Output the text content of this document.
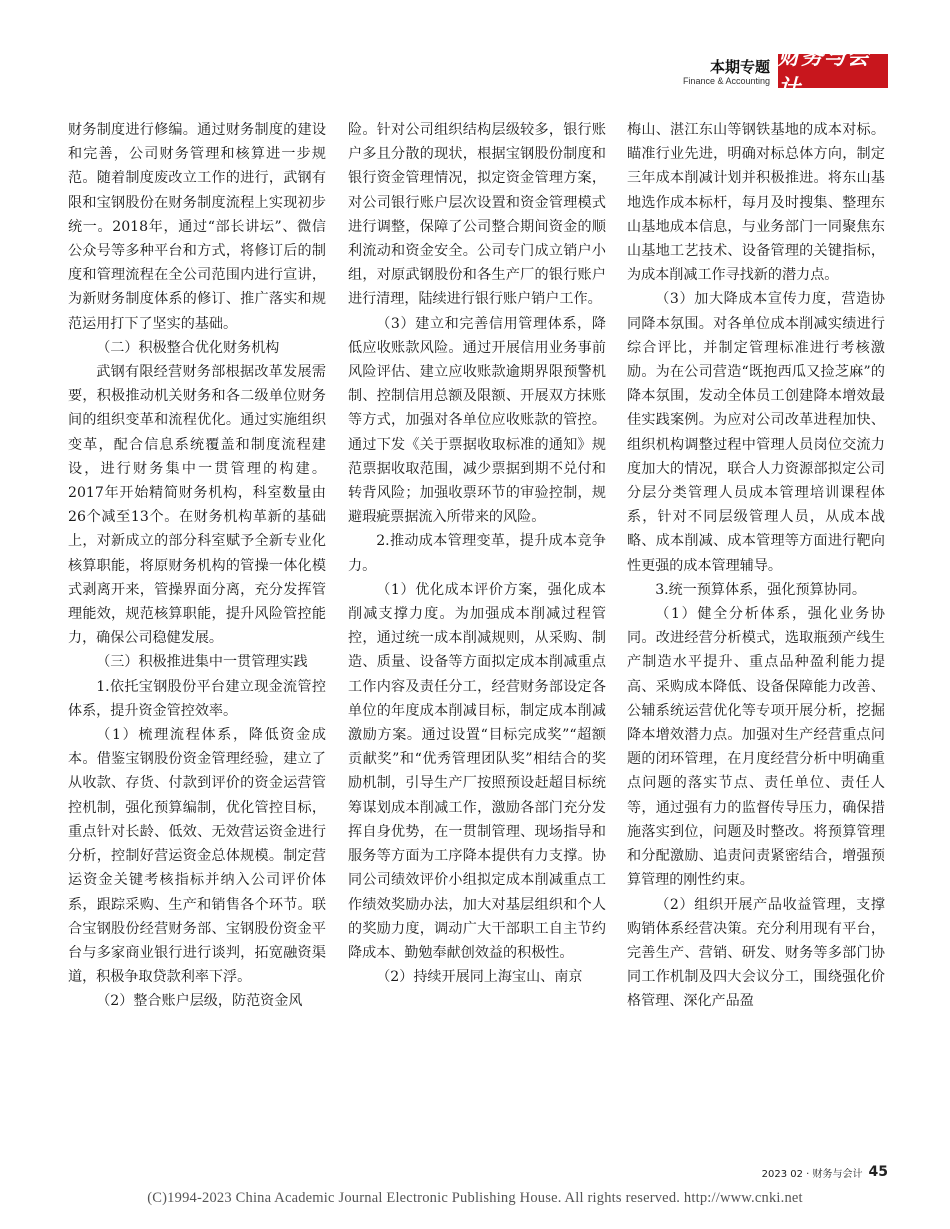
本期专题
Finance & Accounting
财务与会计

财务制度进行修编。通过财务制度的建设和完善，公司财务管理和核算进一步规范。随着制度废改立工作的进行，武钢有限和宝钢股份在财务制度流程上实现初步统一。2018年，通过“部长讲坛”、微信公众号等多种平台和方式，将修订后的制度和管理流程在全公司范围内进行宣讲，为新财务制度体系的修订、推广落实和规范运用打下了坚实的基础。

（二）积极整合优化财务机构

武钢有限经营财务部根据改革发展需要，积极推动机关财务和各二级单位财务间的组织变革和流程优化。通过实施组织变革，配合信息系统覆盖和制度流程建设，进行财务集中一贯管理的构建。2017年开始精简财务机构，科室数量由26个减至13个。在财务机构革新的基础上，对新成立的部分科室赋予全新专业化核算职能，将原财务机构的管操一体化模式剥离开来，管操界面分离，充分发挥管理能效，规范核算职能，提升风险管控能力，确保公司稳健发展。

（三）积极推进集中一贯管理实践

1.依托宝钢股份平台建立现金流管控体系，提升资金管控效率。

（1）梳理流程体系，降低资金成本。借鉴宝钢股份资金管理经验，建立了从收款、存货、付款到评价的资金运营管控机制，强化预算编制，优化管控目标，重点针对长龄、低效、无效营运资金进行分析，控制好营运资金总体规模。制定营运资金关键考核指标并纳入公司评价体系，跟踪采购、生产和销售各个环节。联合宝钢股份经营财务部、宝钢股份资金平台与多家商业银行进行谈判，拓宽融资渠道，积极争取贷款利率下浮。

（2）整合账户层级，防范资金风

险。针对公司组织结构层级较多，银行账户多且分散的现状，根据宝钢股份制度和银行资金管理情况，拟定资金管理方案，对公司银行账户层次设置和资金管理模式进行调整，保障了公司整合期间资金的顺利流动和资金安全。公司专门成立销户小组，对原武钢股份和各生产厂的银行账户进行清理，陆续进行银行账户销户工作。

（3）建立和完善信用管理体系，降低应收账款风险。通过开展信用业务事前风险评估、建立应收账款逾期界限预警机制、控制信用总额及限额、开展双方抹账等方式，加强对各单位应收账款的管控。通过下发《关于票据收取标准的通知》规范票据收取范围，减少票据到期不兑付和转背风险；加强收票环节的审验控制，规避瑕疵票据流入所带来的风险。

2.推动成本管理变革，提升成本竞争力。

（1）优化成本评价方案，强化成本削减支撑力度。为加强成本削减过程管控，通过统一成本削减规则，从采购、制造、质量、设备等方面拟定成本削减重点工作内容及责任分工，经营财务部设定各单位的年度成本削减目标，制定成本削减激励方案。通过设置“目标完成奖”“超额贡献奖”和“优秀管理团队奖”相结合的奖励机制，引导生产厂按照预设赶超目标统筹谋划成本削减工作，激励各部门充分发挥自身优势，在一贯制管理、现场指导和服务等方面为工序降本提供有力支撑。协同公司绩效评价小组拟定成本削减重点工作绩效奖励办法，加大对基层组织和个人的奖励力度，调动广大干部职工自主节约降成本、勤勉奉献创效益的积极性。

（2）持续开展同上海宝山、南京

梅山、湛江东山等钢铁基地的成本对标。瞄准行业先进，明确对标总体方向，制定三年成本削减计划并积极推进。将东山基地选作成本标杆，每月及时搜集、整理东山基地成本信息，与业务部门一同聚焦东山基地工艺技术、设备管理的关键指标，为成本削减工作寻找新的潜力点。

（3）加大降成本宣传力度，营造协同降本氛围。对各单位成本削减实绩进行综合评比，并制定管理标准进行考核激励。为在公司营造“既抱西瓜又捡芝麻”的降本氛围，发动全体员工创建降本增效最佳实践案例。为应对公司改革进程加快、组织机构调整过程中管理人员岗位交流力度加大的情况，联合人力资源部拟定公司分层分类管理人员成本管理培训课程体系，针对不同层级管理人员，从成本战略、成本削减、成本管理等方面进行靶向性更强的成本管理辅导。

3.统一预算体系，强化预算协同。

（1）健全分析体系，强化业务协同。改进经营分析模式，选取瓶颈产线生产制造水平提升、重点品种盈利能力提高、采购成本降低、设备保障能力改善、公辅系统运营优化等专项开展分析，挖掘降本增效潜力点。加强对生产经营重点问题的闭环管理，在月度经营分析中明确重点问题的落实节点、责任单位、责任人等，通过强有力的监督传导压力，确保措施落实到位，问题及时整改。将预算管理和分配激励、追责问责紧密结合，增强预算管理的刚性约束。

（2）组织开展产品收益管理，支撑购销体系经营决策。充分利用现有平台，完善生产、营销、研发、财务等多部门协同工作机制及四大会议分工，围绕强化价格管理、深化产品盈

2023 02 · 财务与会计 45
(C)1994-2023 China Academic Journal Electronic Publishing House. All rights reserved. http://www.cnki.net
